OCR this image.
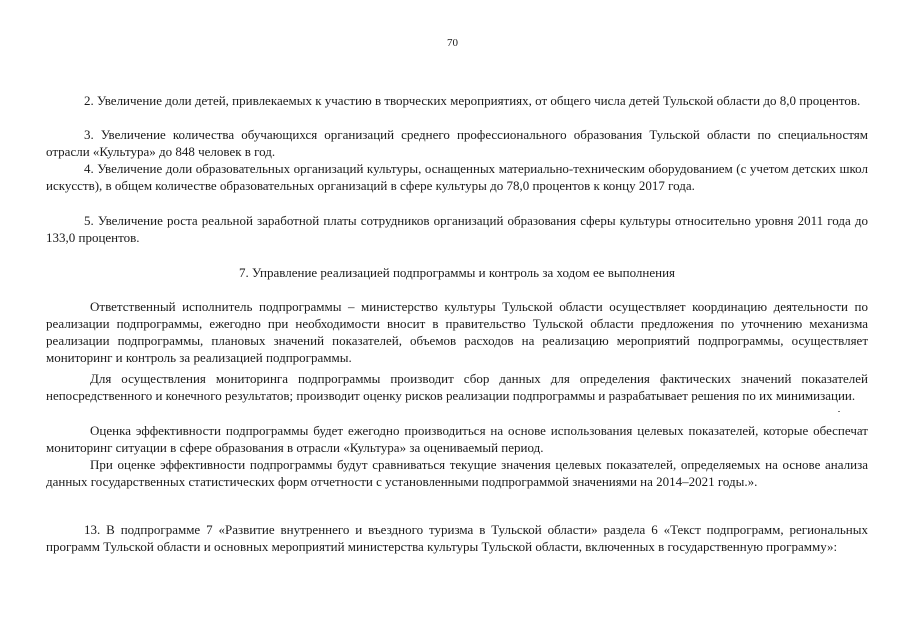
70

2. Увеличение доли детей, привлекаемых к участию в творческих мероприятиях, от общего числа детей Тульской области до 8,0 процентов.

3. Увеличение количества обучающихся организаций среднего профессионального образования Тульской области по специальностям отрасли «Культура» до 848 человек в год.

4. Увеличение доли образовательных организаций культуры, оснащенных материально-техническим оборудованием (с учетом детских школ искусств), в общем количестве образовательных организаций в сфере культуры до 78,0 процентов к концу 2017 года.

5. Увеличение роста реальной заработной платы сотрудников организаций образования сферы культуры относительно уровня 2011 года до 133,0 процентов.

7. Управление реализацией подпрограммы и контроль за ходом ее выполнения

Ответственный исполнитель подпрограммы – министерство культуры Тульской области осуществляет координацию деятельности по реализации подпрограммы, ежегодно при необходимости вносит в правительство Тульской области предложения по уточнению механизма реализации подпрограммы, плановых значений показателей, объемов расходов на реализацию мероприятий подпрограммы, осуществляет мониторинг и контроль за реализацией подпрограммы.

Для осуществления мониторинга подпрограммы производит сбор данных для определения фактических значений показателей непосредственного и конечного результатов; производит оценку рисков реализации подпрограммы и разрабатывает решения по их минимизации.

Оценка эффективности подпрограммы будет ежегодно производиться на основе использования целевых показателей, которые обеспечат мониторинг ситуации в сфере образования в отрасли «Культура» за оцениваемый период.

При оценке эффективности подпрограммы будут сравниваться текущие значения целевых показателей, определяемых на основе анализа данных государственных статистических форм отчетности с установленными подпрограммой значениями на 2014–2021 годы.».

13. В подпрограмме 7 «Развитие внутреннего и въездного туризма в Тульской области» раздела 6 «Текст подпрограмм, региональных программ Тульской области и основных мероприятий министерства культуры Тульской области, включенных в государственную программу»:
